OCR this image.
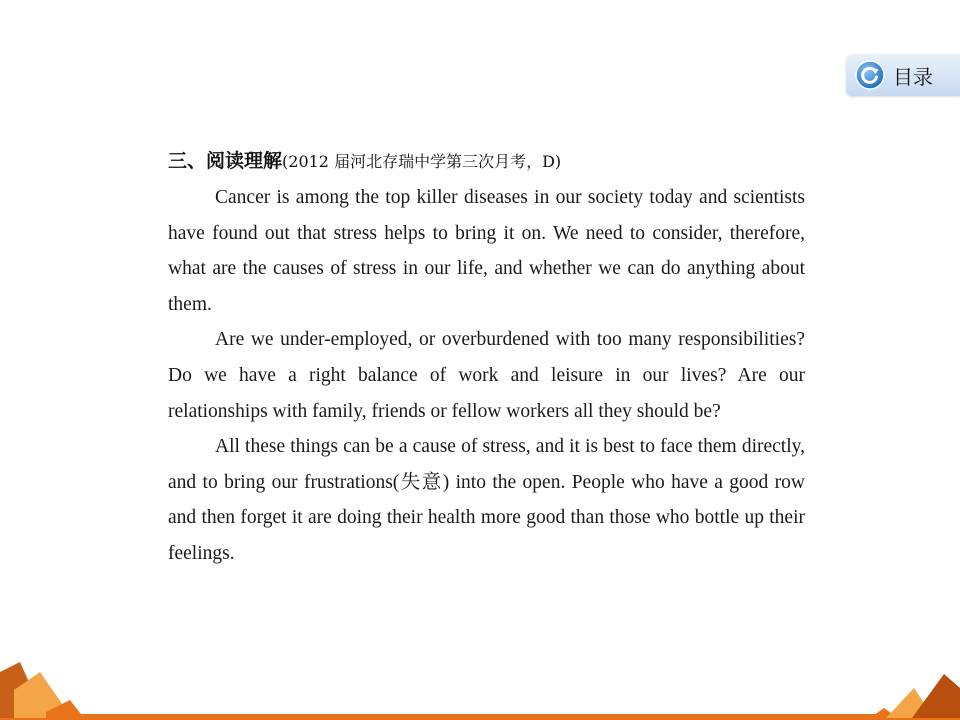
目录
三、阅读理解(2012 届河北存瑞中学第三次月考，D)

Cancer is among the top killer diseases in our society today and scientists have found out that stress helps to bring it on. We need to consider, therefore, what are the causes of stress in our life, and whether we can do anything about them.

Are we under-employed, or overburdened with too many responsibilities? Do we have a right balance of work and leisure in our lives? Are our relationships with family, friends or fellow workers all they should be?

All these things can be a cause of stress, and it is best to face them directly, and to bring our frustrations(失意) into the open. People who have a good row and then forget it are doing their health more good than those who bottle up their feelings.
